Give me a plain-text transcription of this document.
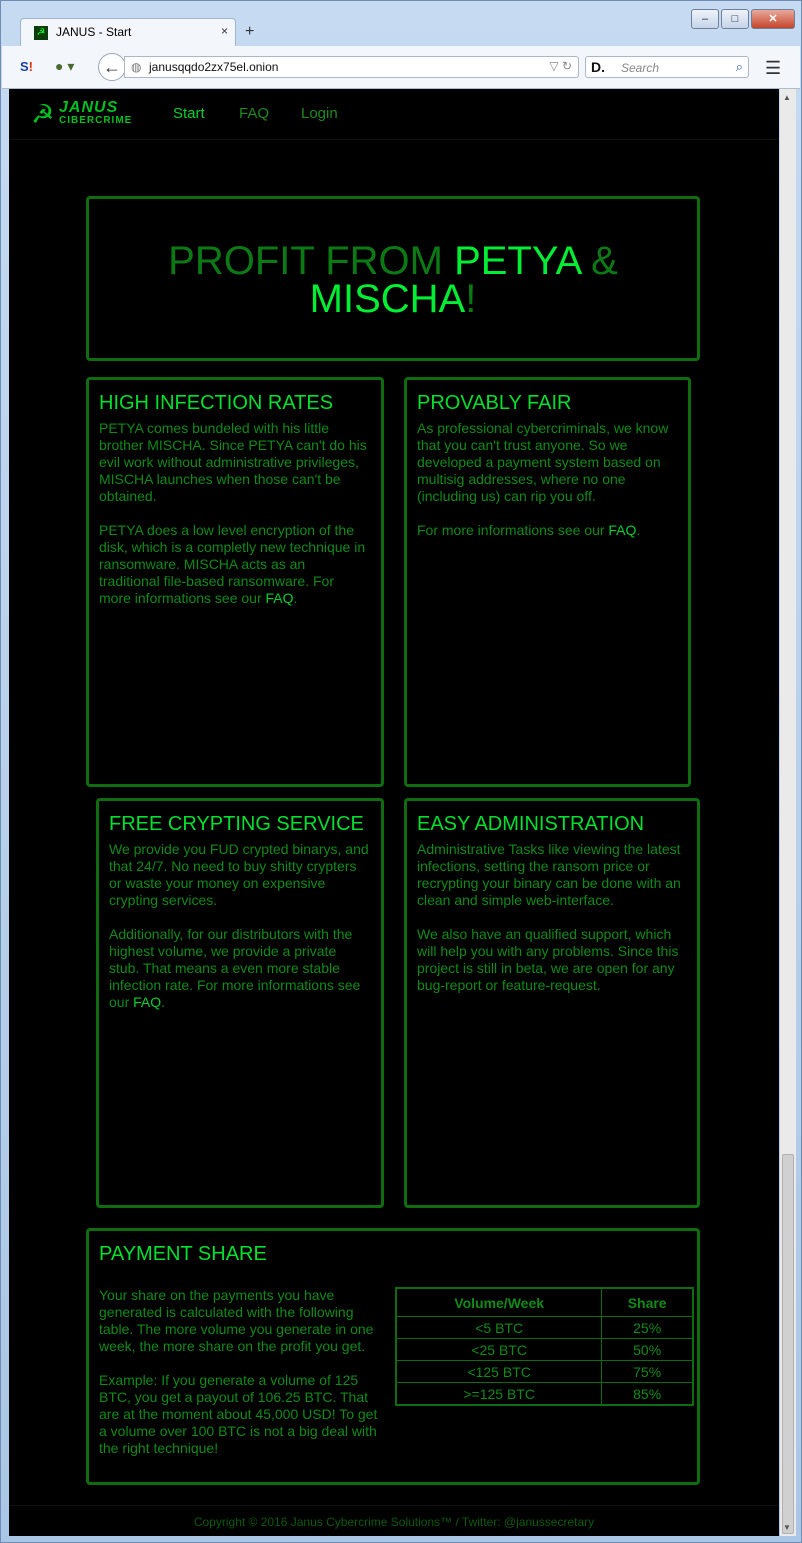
☭ JANUS - Start	× +
–	□	✕
S! ● ▾ ← ◍ janusqqdo2zx75el.onion	▽ ↻ D. Search	⌕ ☰
☭ JANUS
CIBERCRIME	Start FAQ Login
PROFIT FROM PETYA &
MISCHA!
HIGH INFECTION RATES

PETYA comes bundeled with his little brother MISCHA. Since PETYA can't do his evil work without administrative privileges, MISCHA launches when those can't be obtained.

PETYA does a low level encryption of the disk, which is a completly new technique in ransomware. MISCHA acts as an traditional file-based ransomware. For more informations see our FAQ.

PROVABLY FAIR

As professional cybercriminals, we know that you can't trust anyone. So we developed a payment system based on multisig addresses, where no one (including us) can rip you off.

For more informations see our FAQ.

FREE CRYPTING SERVICE

We provide you FUD crypted binarys, and that 24/7. No need to buy shitty crypters or waste your money on expensive crypting services.

Additionally, for our distributors with the highest volume, we provide a private stub. That means a even more stable infection rate. For more informations see our FAQ.

EASY ADMINISTRATION

Administrative Tasks like viewing the latest infections, setting the ransom price or recrypting your binary can be done with an clean and simple web-interface.

We also have an qualified support, which will help you with any problems. Since this project is still in beta, we are open for any bug-report or feature-request.

PAYMENT SHARE

Your share on the payments you have generated is calculated with the following table. The more volume you generate in one week, the more share on the profit you get.

Example: If you generate a volume of 125 BTC, you get a payout of 106.25 BTC. That are at the moment about 45,000 USD! To get a volume over 100 BTC is not a big deal with the right technique!

Volume/Week	Share
<5 BTC	25%
<25 BTC	50%
<125 BTC	75%
>=125 BTC	85%
Copyright © 2016 Janus Cybercrime Solutions™ / Twitter: @janussecretary
▲
▼
